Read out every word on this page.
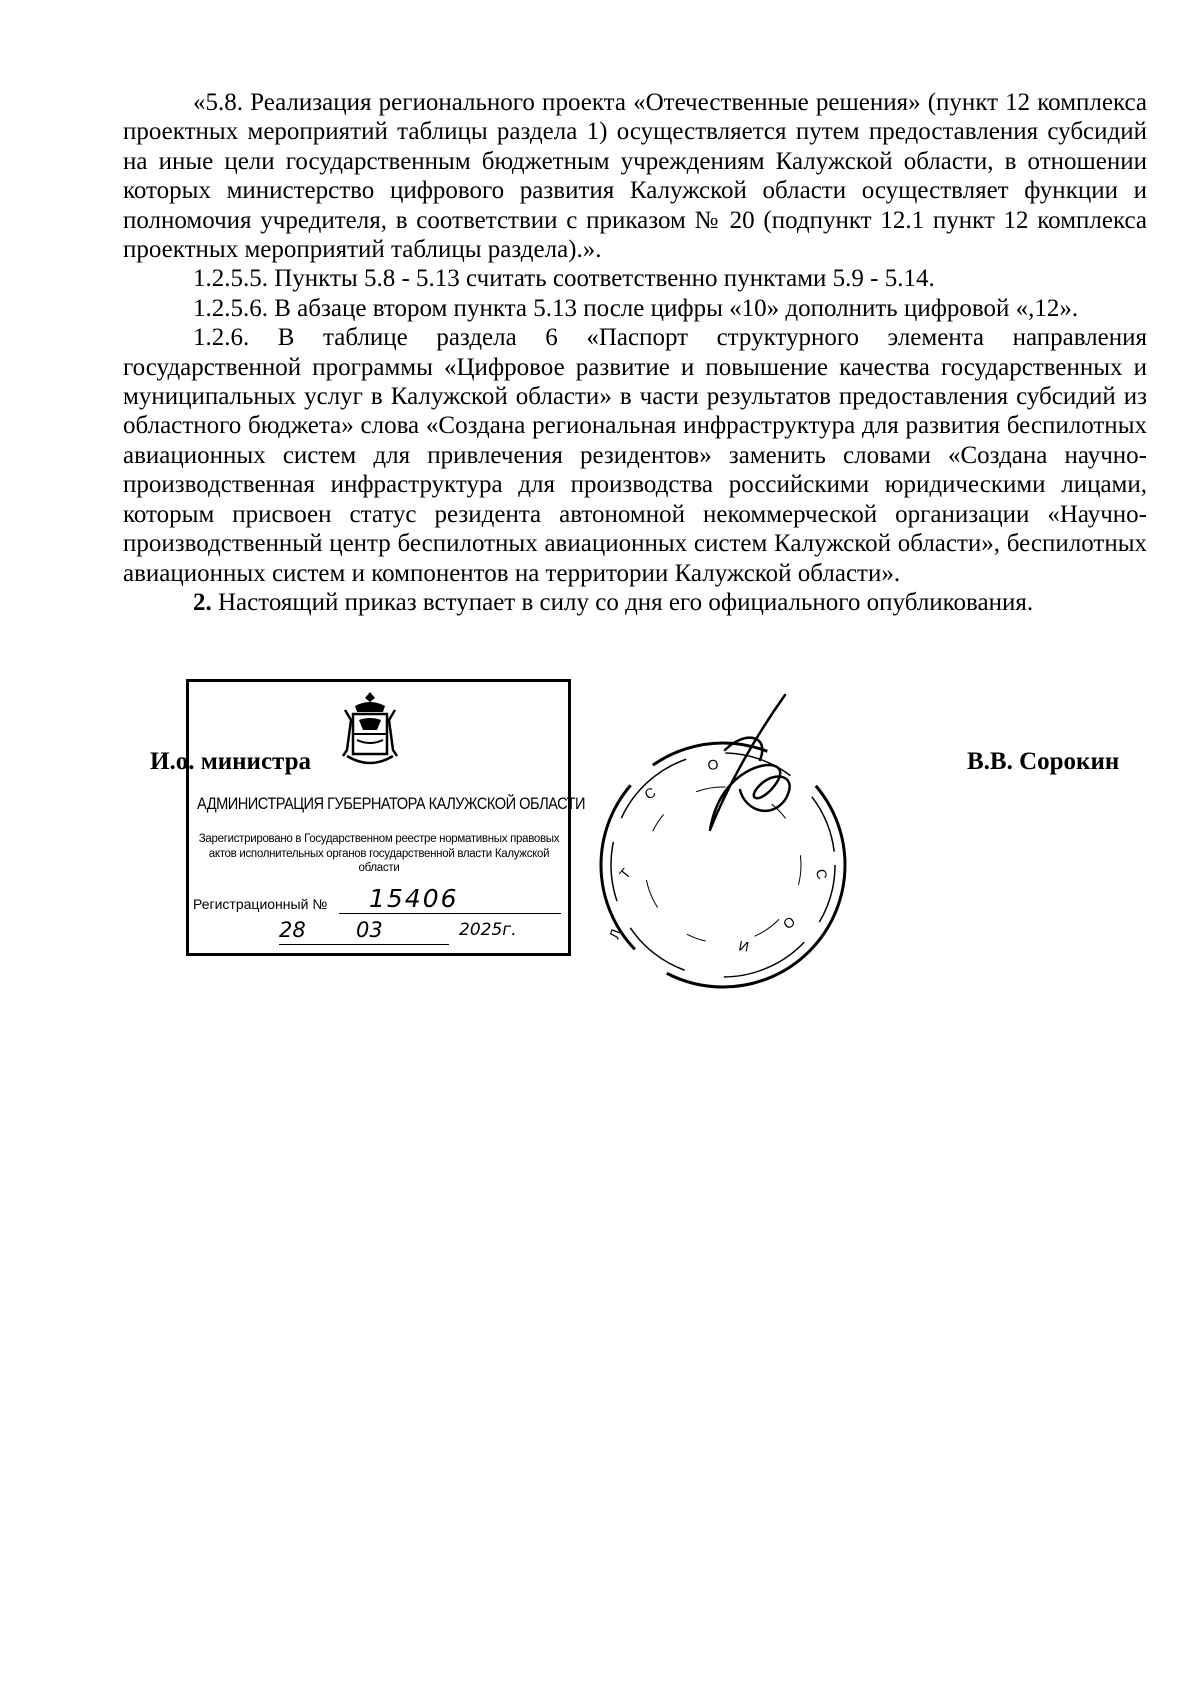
«5.8. Реализация регионального проекта «Отечественные решения» (пункт 12 комплекса проектных мероприятий таблицы раздела 1) осуществляется путем предоставления субсидий на иные цели государственным бюджетным учреждениям Калужской области, в отношении которых министерство цифрового развития Калужской области осуществляет функции и полномочия учредителя, в соответствии с приказом № 20 (подпункт 12.1 пункт 12 комплекса проектных мероприятий таблицы раздела).».

1.2.5.5. Пункты 5.8 - 5.13 считать соответственно пунктами 5.9 - 5.14.

1.2.5.6. В абзаце втором пункта 5.13 после цифры «10» дополнить цифровой «,12».

1.2.6. В таблице раздела 6 «Паспорт структурного элемента направления государственной программы «Цифровое развитие и повышение качества государственных и муниципальных услуг в Калужской области» в части результатов предоставления субсидий из областного бюджета» слова «Создана региональная инфраструктура для развития беспилотных авиационных систем для привлечения резидентов» заменить словами «Создана научно-производственная инфраструктура для производства российскими юридическими лицами, которым присвоен статус резидента автономной некоммерческой организации «Научно-производственный центр беспилотных авиационных систем Калужской области», беспилотных авиационных систем и компонентов на территории Калужской области».

2. Настоящий приказ вступает в силу со дня его официального опубликования.

Л
Т
С
О
И
О
С
АДМИНИСТРАЦИЯ ГУБЕРНАТОРА КАЛУЖСКОЙ ОБЛАСТИ
Зарегистрировано в Государственном реестре нормативных правовых актов исполнительных органов государственной власти Калужской области
Регистрационный №	15406
28 03	2025г.
И.о. министра	В.В. Сорокин
